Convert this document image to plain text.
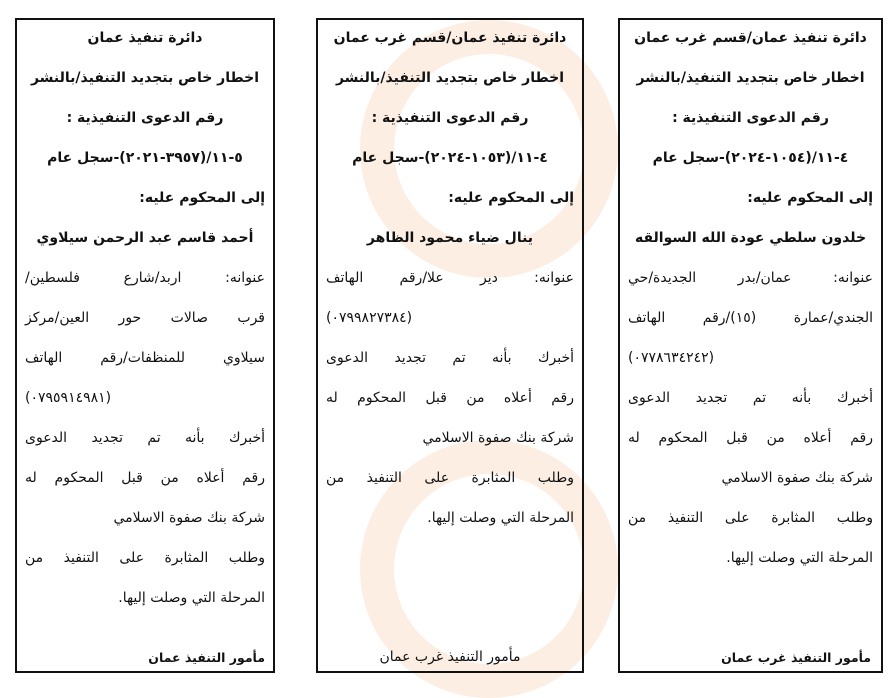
دائرة تنفيذ عمان/قسم غرب عمان
اخطار خاص بتجديد التنفيذ/بالنشر
رقم الدعوى التنفيذية :
٤-١١/(١٠٥٤-٢٠٢٤)-سجل عام
إلى المحكوم عليه:
خلدون سلطي عودة الله السوالقه
عنوانه: عمان/بدر الجديدة/حي
الجندي/عمارة (١٥)/رقم الهاتف
(٠٧٧٨٦٣٤٢٤٢)
أخبرك بأنه تم تجديد الدعوى
رقم أعلاه من قبل المحكوم له
شركة بنك صفوة الاسلامي
وطلب المثابرة على التنفيذ من
المرحلة التي وصلت إليها.
مأمور التنفيذ غرب عمان
دائرة تنفيذ عمان/قسم غرب عمان
اخطار خاص بتجديد التنفيذ/بالنشر
رقم الدعوى التنفيذية :
٤-١١/(١٠٥٣-٢٠٢٤)-سجل عام
إلى المحكوم عليه:
ينال ضياء محمود الظاهر
عنوانه: دير علا/رقم الهاتف
(٠٧٩٩٨٢٧٣٨٤)
أخبرك بأنه تم تجديد الدعوى
رقم أعلاه من قبل المحكوم له
شركة بنك صفوة الاسلامي
وطلب المثابرة على التنفيذ من
المرحلة التي وصلت إليها.
مأمور التنفيذ غرب عمان
دائرة تنفيذ عمان
اخطار خاص بتجديد التنفيذ/بالنشر
رقم الدعوى التنفيذية :
٥-١١/(٣٩٥٧-٢٠٢١)-سجل عام
إلى المحكوم عليه:
أحمد قاسم عبد الرحمن سيلاوي
عنوانه: اربد/شارع فلسطين/
قرب صالات حور العين/مركز
سيلاوي للمنظفات/رقم الهاتف
(٠٧٩٥٩١٤٩٨١)
أخبرك بأنه تم تجديد الدعوى
رقم أعلاه من قبل المحكوم له
شركة بنك صفوة الاسلامي
وطلب المثابرة على التنفيذ من
المرحلة التي وصلت إليها.
مأمور التنفيذ عمان
